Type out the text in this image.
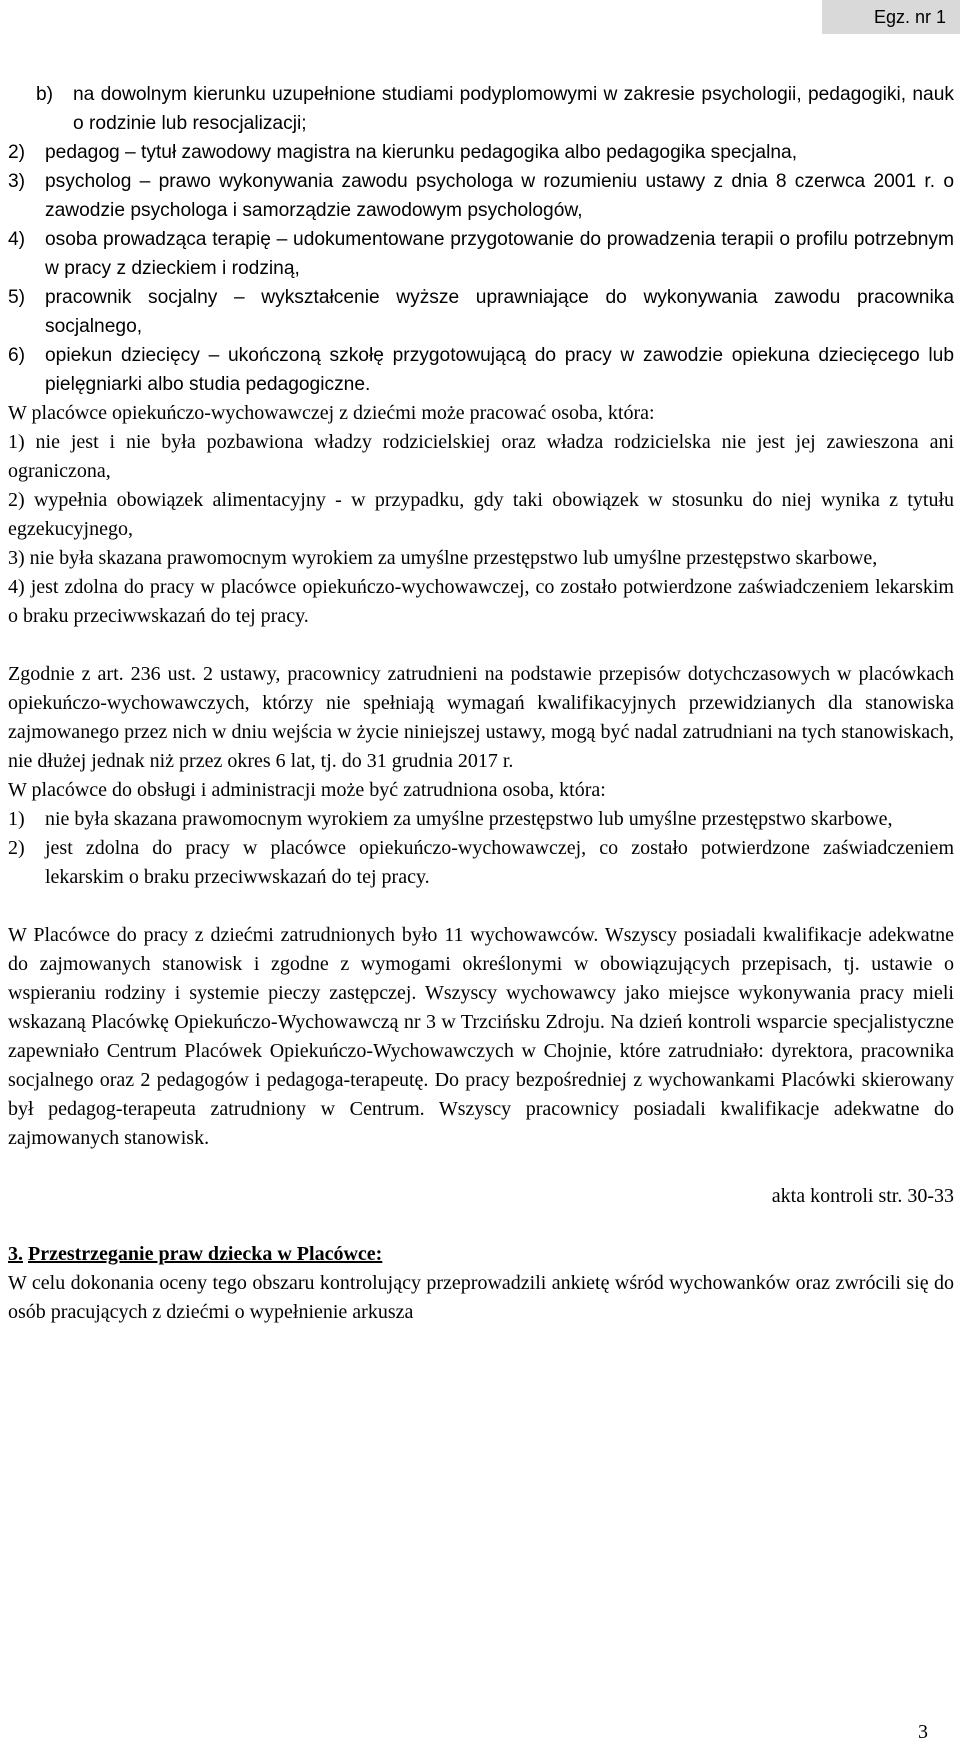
Egz. nr 1
b)	na dowolnym kierunku uzupełnione studiami podyplomowymi w zakresie psychologii, pedagogiki, nauk o rodzinie lub resocjalizacji;
2)	pedagog – tytuł zawodowy magistra na kierunku pedagogika albo pedagogika specjalna,
3)	psycholog – prawo wykonywania zawodu psychologa w rozumieniu ustawy z dnia 8 czerwca 2001 r. o zawodzie psychologa i samorządzie zawodowym psychologów,
4)	osoba prowadząca terapię – udokumentowane przygotowanie do prowadzenia terapii o profilu potrzebnym w pracy z dzieckiem i rodziną,
5)	pracownik socjalny – wykształcenie wyższe uprawniające do wykonywania zawodu pracownika socjalnego,
6)	opiekun dziecięcy – ukończoną szkołę przygotowującą do pracy w zawodzie opiekuna dziecięcego lub pielęgniarki albo studia pedagogiczne.

W placówce opiekuńczo-wychowawczej z dziećmi może pracować osoba, która:

1) nie jest i nie była pozbawiona władzy rodzicielskiej oraz władza rodzicielska nie jest jej zawieszona ani ograniczona,

2) wypełnia obowiązek alimentacyjny - w przypadku, gdy taki obowiązek w stosunku do niej wynika z tytułu egzekucyjnego,

3) nie była skazana prawomocnym wyrokiem za umyślne przestępstwo lub umyślne przestępstwo skarbowe,

4) jest zdolna do pracy w placówce opiekuńczo-wychowawczej, co zostało potwierdzone zaświadczeniem lekarskim o braku przeciwwskazań do tej pracy.

Zgodnie z art. 236 ust. 2 ustawy, pracownicy zatrudnieni na podstawie przepisów dotychczasowych w placówkach opiekuńczo-wychowawczych, którzy nie spełniają wymagań kwalifikacyjnych przewidzianych dla stanowiska zajmowanego przez nich w dniu wejścia w życie niniejszej ustawy, mogą być nadal zatrudniani na tych stanowiskach, nie dłużej jednak niż przez okres 6 lat, tj. do 31 grudnia 2017 r.

W placówce do obsługi i administracji może być zatrudniona osoba, która:

1)	nie była skazana prawomocnym wyrokiem za umyślne przestępstwo lub umyślne przestępstwo skarbowe,
2)	jest zdolna do pracy w placówce opiekuńczo-wychowawczej, co zostało potwierdzone zaświadczeniem lekarskim o braku przeciwwskazań do tej pracy.

W Placówce do pracy z dziećmi zatrudnionych było 11 wychowawców. Wszyscy posiadali kwalifikacje adekwatne do zajmowanych stanowisk i zgodne z wymogami określonymi w obowiązujących przepisach, tj. ustawie o wspieraniu rodziny i systemie pieczy zastępczej. Wszyscy wychowawcy jako miejsce wykonywania pracy mieli wskazaną Placówkę Opiekuńczo-Wychowawczą nr 3 w Trzcińsku Zdroju. Na dzień kontroli wsparcie specjalistyczne zapewniało Centrum Placówek Opiekuńczo-Wychowawczych w Chojnie, które zatrudniało: dyrektora, pracownika socjalnego oraz 2 pedagogów i pedagoga-terapeutę. Do pracy bezpośredniej z wychowankami Placówki skierowany był pedagog-terapeuta zatrudniony w Centrum. Wszyscy pracownicy posiadali kwalifikacje adekwatne do zajmowanych stanowisk.

akta kontroli str. 30-33

3. Przestrzeganie praw dziecka w Placówce:

W celu dokonania oceny tego obszaru kontrolujący przeprowadzili ankietę wśród wychowanków oraz zwrócili się do osób pracujących z dziećmi o wypełnienie arkusza

3
